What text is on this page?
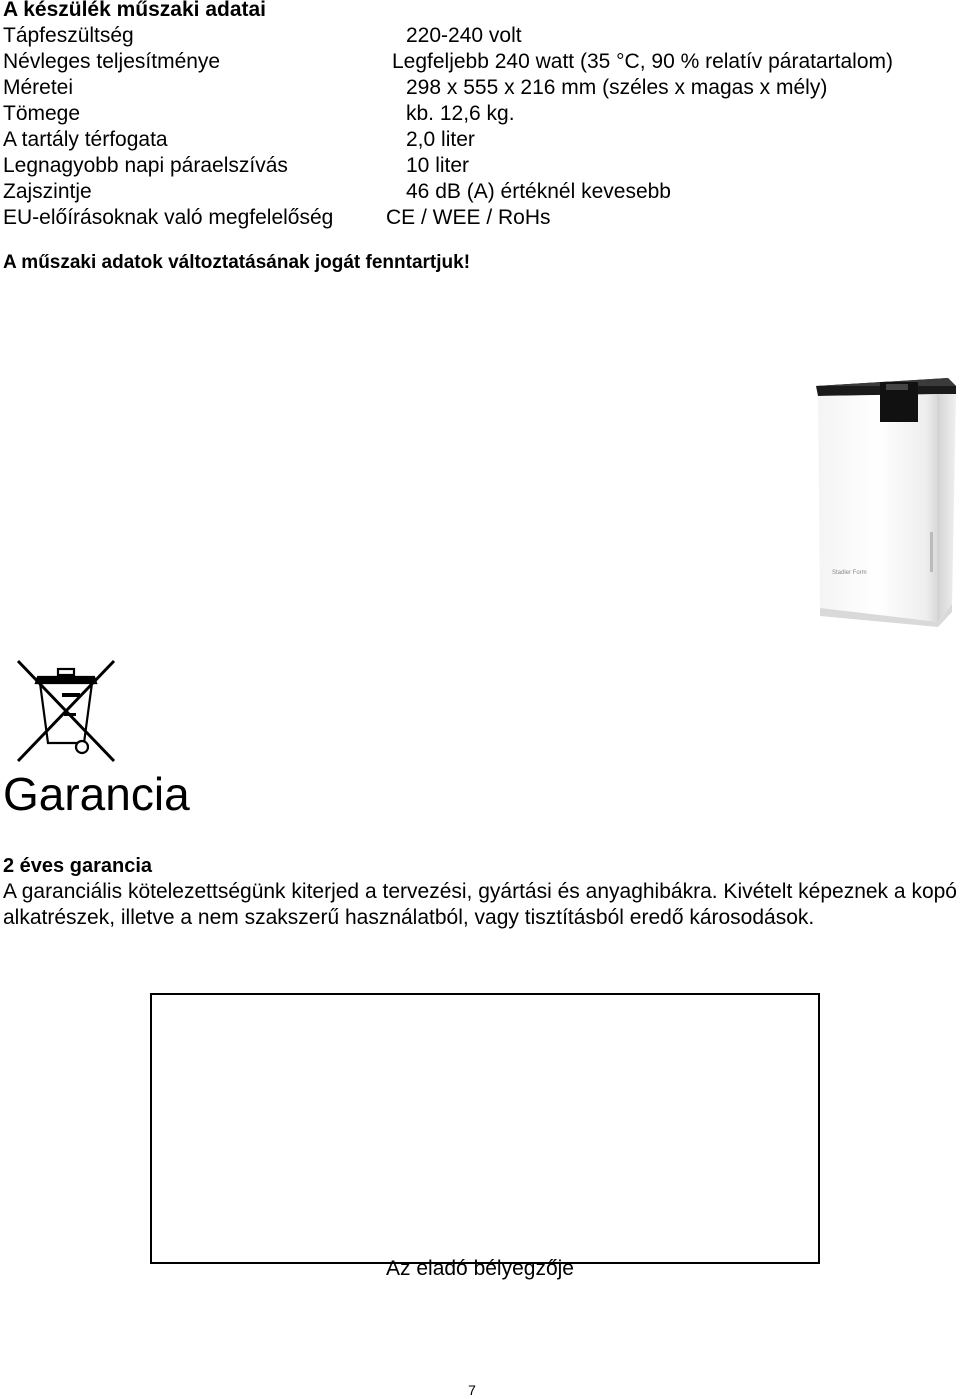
A készülék műszaki adatai
Tápfeszültség	220-240 volt
Névleges teljesítménye	Legfeljebb 240 watt (35 °C, 90 % relatív páratartalom)
Méretei	298 x 555 x 216 mm (széles x magas x mély)
Tömege	kb. 12,6 kg.
A tartály térfogata	2,0 liter
Legnagyobb napi páraelszívás	10 liter
Zajszintje	46 dB (A) értéknél kevesebb
EU-előírásoknak való megfelelőség	CE / WEE / RoHs
A műszaki adatok változtatásának jogát fenntartjuk!
Stadler Form
Garancia
2 éves garancia
A garanciális kötelezettségünk kiterjed a tervezési, gyártási és anyaghibákra. Kivételt képeznek a kopó alkatrészek, illetve a nem szakszerű használatból, vagy tisztításból eredő károsodások.
Az eladó bélyegzője
7
